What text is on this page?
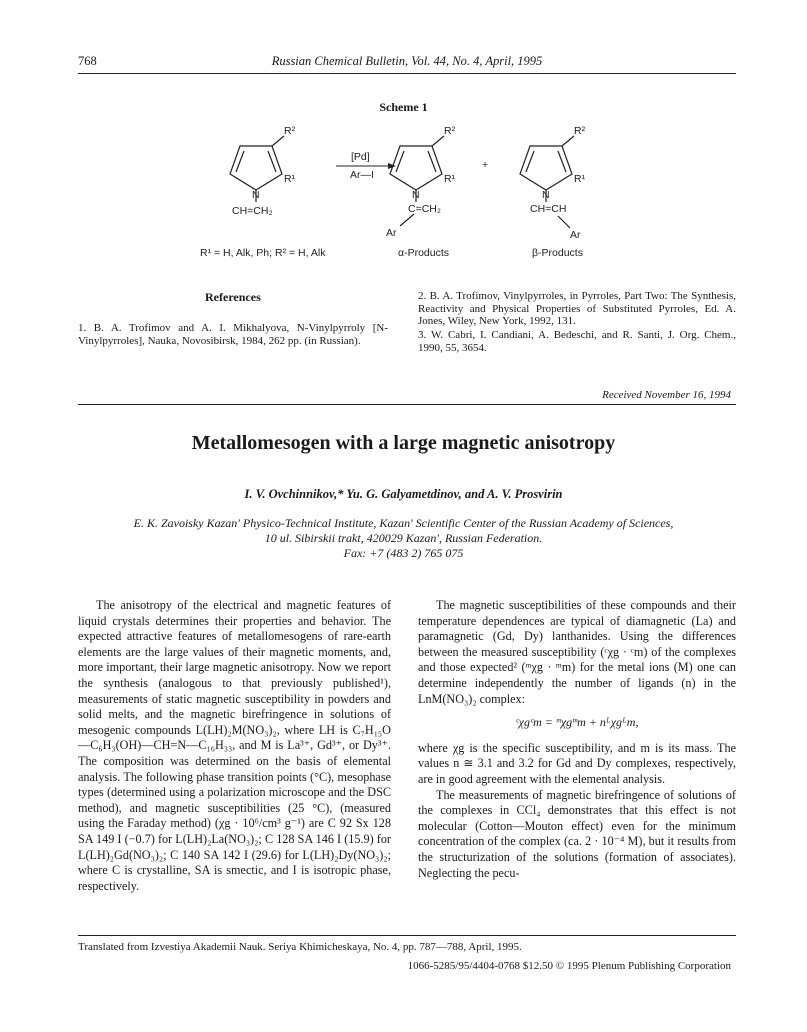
768	Russian Chemical Bulletin, Vol. 44, No. 4, April, 1995
Scheme 1
R²
N
R¹
CH=CH₂
[Pd]
Ar—I
R²
N
R¹
C=CH₂
Ar
+
R²
N
R¹
CH=CH
Ar
R¹ = H, Alk, Ph; R² = H, Alk	α-Products	β-Products
References
1. B. A. Trofimov and A. I. Mikhalyova, N-Vinylpyrroly [N-Vinylpyrroles], Nauka, Novosibirsk, 1984, 262 pp. (in Russian).
2. B. A. Trofimov, Vinylpyrroles, in Pyrroles, Part Two: The Synthesis, Reactivity and Physical Properties of Substituted Pyrroles, Ed. A. Jones, Wiley, New York, 1992, 131.
3. W. Cabri, I. Candiani, A. Bedeschi, and R. Santi, J. Org. Chem., 1990, 55, 3654.
Received November 16, 1994
Metallomesogen with a large magnetic anisotropy
I. V. Ovchinnikov,* Yu. G. Galyametdinov, and A. V. Prosvirin
E. K. Zavoisky Kazan' Physico-Technical Institute, Kazan' Scientific Center of the Russian Academy of Sciences,
10 ul. Sibirskii trakt, 420029 Kazan', Russian Federation.
Fax: +7 (483 2) 765 075

The anisotropy of the electrical and magnetic features of liquid crystals determines their properties and behavior. The expected attractive features of metallomesogens of rare-earth elements are the large values of their magnetic moments, and, more important, their large magnetic anisotropy. Now we report the synthesis (analogous to that previously published¹), measurements of static magnetic susceptibility in powders and solid melts, and the magnetic birefringence in solutions of mesogenic compounds L(LH)₂M(NO₃)₂, where LH is C₇H₁₅O—C₆H₃(OH)—CH=N—C₁₆H₃₃, and M is La³⁺, Gd³⁺, or Dy³⁺. The composition was determined on the basis of elemental analysis. The following phase transition points (°C), mesophase types (determined using a polarization microscope and the DSC method), and magnetic susceptibilities (25 °C), (measured using the Faraday method) (χg · 10⁶/cm³ g⁻¹) are C 92 Sx 128 SA 149 I (−0.7) for L(LH)₂La(NO₃)₂; C 128 SA 146 I (15.9) for L(LH)₂Gd(NO₃)₂; C 140 SA 142 I (29.6) for L(LH)₂Dy(NO₃)₂; where C is crystalline, SA is smectic, and I is isotropic phase, respectively.

The magnetic susceptibilities of these compounds and their temperature dependences are typical of diamagnetic (La) and paramagnetic (Gd, Dy) lanthanides. Using the differences between the measured susceptibility (ᶜχg · ᶜm) of the complexes and those expected² (ᵐχg · ᵐm) for the metal ions (M) one can determine independently the number of ligands (n) in the LnM(NO₃)₂ complex:

ᶜχgᶜm = ᵐχgᵐm + nᴸχgᴸm,

where χg is the specific susceptibility, and m is its mass. The values n ≅ 3.1 and 3.2 for Gd and Dy complexes, respectively, are in good agreement with the elemental analysis.

The measurements of magnetic birefringence of solutions of the complexes in CCl₄ demonstrates that this effect is not molecular (Cotton—Mouton effect) even for the minimum concentration of the complex (ca. 2 · 10⁻⁴ M), but it results from the structurization of the solutions (formation of associates). Neglecting the pecu-

Translated from Izvestiya Akademii Nauk. Seriya Khimicheskaya, No. 4, pp. 787—788, April, 1995.
1066-5285/95/4404-0768 $12.50 © 1995 Plenum Publishing Corporation
